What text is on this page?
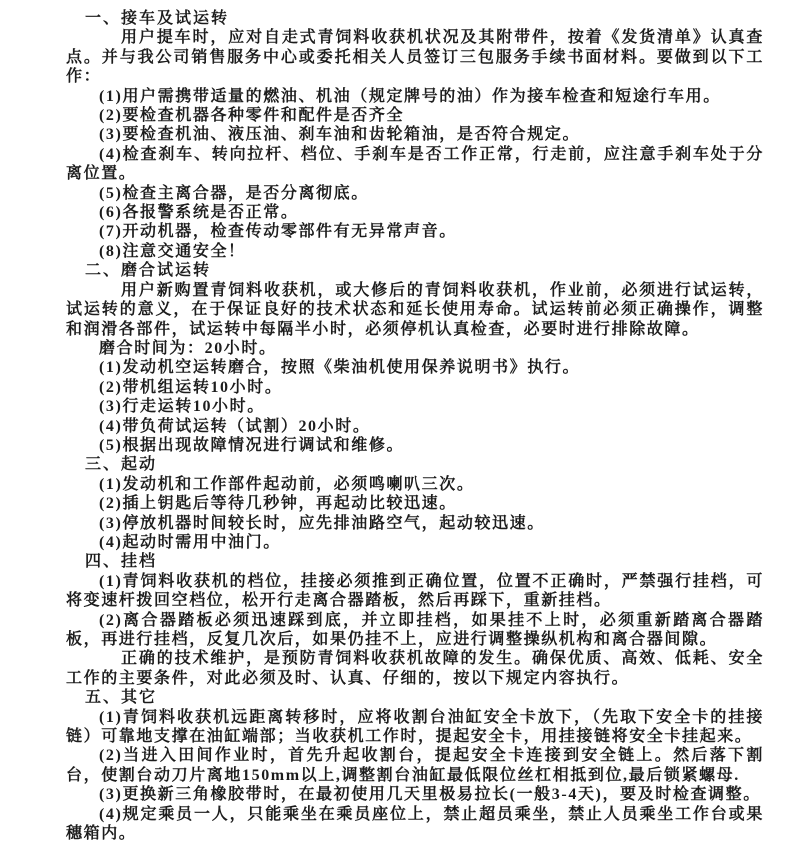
一、接车及试运转

用户提车时，应对自走式青饲料收获机状况及其附带件，按着《发货清单》认真查点。并与我公司销售服务中心或委托相关人员签订三包服务手续书面材料。要做到以下工作：

(1)用户需携带适量的燃油、机油（规定牌号的油）作为接车检查和短途行车用。

(2)要检查机器各种零件和配件是否齐全

(3)要检查机油、液压油、刹车油和齿轮箱油，是否符合规定。

(4)检查刹车、转向拉杆、档位、手刹车是否工作正常，行走前，应注意手刹车处于分离位置。

(5)检查主离合器，是否分离彻底。

(6)各报警系统是否正常。

(7)开动机器，检查传动零部件有无异常声音。

(8)注意交通安全！

二、磨合试运转

用户新购置青饲料收获机，或大修后的青饲料收获机，作业前，必须进行试运转，试运转的意义，在于保证良好的技术状态和延长使用寿命。试运转前必须正确操作，调整和润滑各部件，试运转中每隔半小时，必须停机认真检查，必要时进行排除故障。

磨合时间为：20小时。

(1)发动机空运转磨合，按照《柴油机使用保养说明书》执行。

(2)带机组运转10小时。

(3)行走运转10小时。

(4)带负荷试运转（试割）20小时。

(5)根据出现故障情况进行调试和维修。

三、起动

(1)发动机和工作部件起动前，必须鸣喇叭三次。

(2)插上钥匙后等待几秒钟，再起动比较迅速。

(3)停放机器时间较长时，应先排油路空气，起动较迅速。

(4)起动时需用中油门。

四、挂档

(1)青饲料收获机的档位，挂接必须推到正确位置，位置不正确时，严禁强行挂档，可将变速杆拨回空档位，松开行走离合器踏板，然后再踩下，重新挂档。

(2)离合器踏板必须迅速踩到底，并立即挂档，如果挂不上时，必须重新踏离合器踏板，再进行挂档，反复几次后，如果仍挂不上，应进行调整操纵机构和离合器间隙。

正确的技术维护，是预防青饲料收获机故障的发生。确保优质、高效、低耗、安全工作的主要条件，对此必须及时、认真、仔细的，按以下规定内容执行。

五、其它

(1)青饲料收获机远距离转移时，应将收割台油缸安全卡放下，（先取下安全卡的挂接链）可靠地支撑在油缸端部；当收获机工作时，提起安全卡，用挂接链将安全卡挂起来。

(2)当进入田间作业时，首先升起收割台，提起安全卡连接到安全链上。然后落下割台，使割台动刀片离地150mm以上,调整割台油缸最低限位丝杠相抵到位,最后锁紧螺母.

(3)更换新三角橡胶带时，在最初使用几天里极易拉长(一般3-4天)，要及时检查调整。

(4)规定乘员一人，只能乘坐在乘员座位上，禁止超员乘坐，禁止人员乘坐工作台或果穗箱内。
